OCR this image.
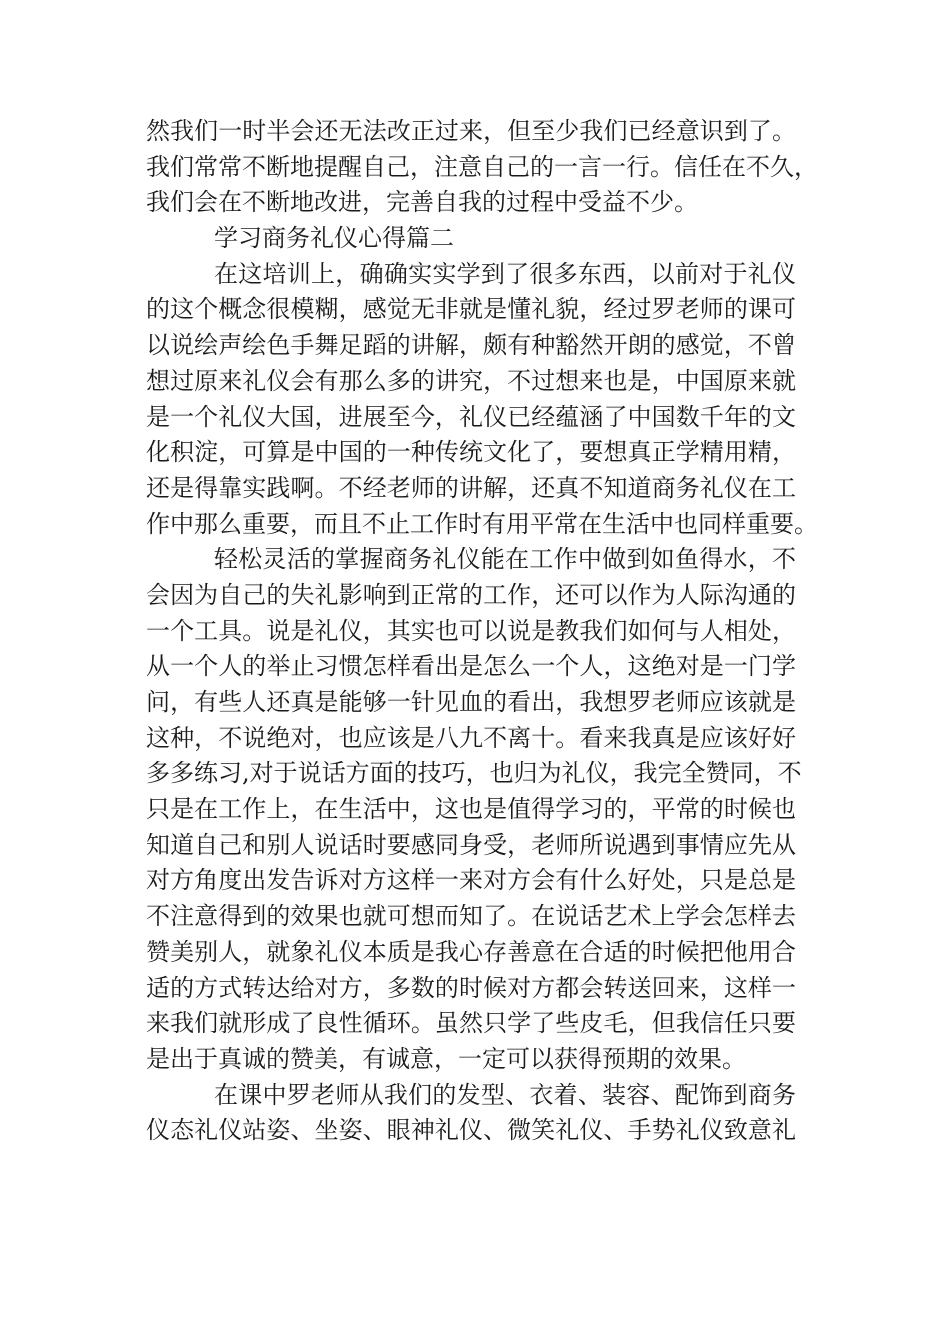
然我们一时半会还无法改正过来，但至少我们已经意识到了。
我们常常不断地提醒自己，注意自己的一言一行。信任在不久，
我们会在不断地改进，完善自我的过程中受益不少。
学习商务礼仪心得篇二
在这培训上，确确实实学到了很多东西，以前对于礼仪
的这个概念很模糊，感觉无非就是懂礼貌，经过罗老师的课可
以说绘声绘色手舞足蹈的讲解，颇有种豁然开朗的感觉，不曾
想过原来礼仪会有那么多的讲究，不过想来也是，中国原来就
是一个礼仪大国，进展至今，礼仪已经蕴涵了中国数千年的文
化积淀，可算是中国的一种传统文化了，要想真正学精用精，
还是得靠实践啊。不经老师的讲解，还真不知道商务礼仪在工
作中那么重要，而且不止工作时有用平常在生活中也同样重要。
轻松灵活的掌握商务礼仪能在工作中做到如鱼得水，不
会因为自己的失礼影响到正常的工作，还可以作为人际沟通的
一个工具。说是礼仪，其实也可以说是教我们如何与人相处，
从一个人的举止习惯怎样看出是怎么一个人，这绝对是一门学
问，有些人还真是能够一针见血的看出，我想罗老师应该就是
这种，不说绝对，也应该是八九不离十。看来我真是应该好好
多多练习,对于说话方面的技巧，也归为礼仪，我完全赞同，不
只是在工作上，在生活中，这也是值得学习的，平常的时候也
知道自己和别人说话时要感同身受，老师所说遇到事情应先从
对方角度出发告诉对方这样一来对方会有什么好处，只是总是
不注意得到的效果也就可想而知了。在说话艺术上学会怎样去
赞美别人，就象礼仪本质是我心存善意在合适的时候把他用合
适的方式转达给对方，多数的时候对方都会转送回来，这样一
来我们就形成了良性循环。虽然只学了些皮毛，但我信任只要
是出于真诚的赞美，有诚意，一定可以获得预期的效果。
在课中罗老师从我们的发型、衣着、装容、配饰到商务
仪态礼仪站姿、坐姿、眼神礼仪、微笑礼仪、手势礼仪致意礼
